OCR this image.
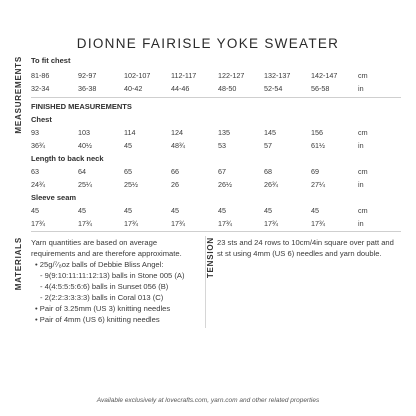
DIONNE FAIRISLE YOKE SWEATER
MEASUREMENTS
MATERIALS	TENSION
To fit chest
81-86	92-97	102-107	112-117	122-127	132-137	142-147	cm
32-34	36-38	40-42	44-46	48-50	52-54	56-58	in
FINISHED MEASUREMENTS
Chest
93	103	114	124	135	145	156	cm
36¾	40½	45	48¾	53	57	61½	in
Length to back neck
63	64	65	66	67	68	69	cm
24¾	25¼	25½	26	26½	26¾	27¼	in
Sleeve seam
45	45	45	45	45	45	45	cm
17¾	17¾	17¾	17¾	17¾	17¾	17¾	in
Yarn quantities are based on average requirements and are therefore approximate.
• 25g/⁷⁄₈oz balls of Debbie Bliss Angel:
- 9(9:10:11:11:12:13) balls in Stone 005 (A)
- 4(4:5:5:5:6:6) balls in Sunset 056 (B)
- 2(2:2:3:3:3:3) balls in Coral 013 (C)
• Pair of 3.25mm (US 3) knitting needles
• Pair of 4mm (US 6) knitting needles
23 sts and 24 rows to 10cm/4in square over patt and st st using 4mm (US 6) needles and yarn double.
Available exclusively at lovecrafts.com, yarn.com and other related properties
